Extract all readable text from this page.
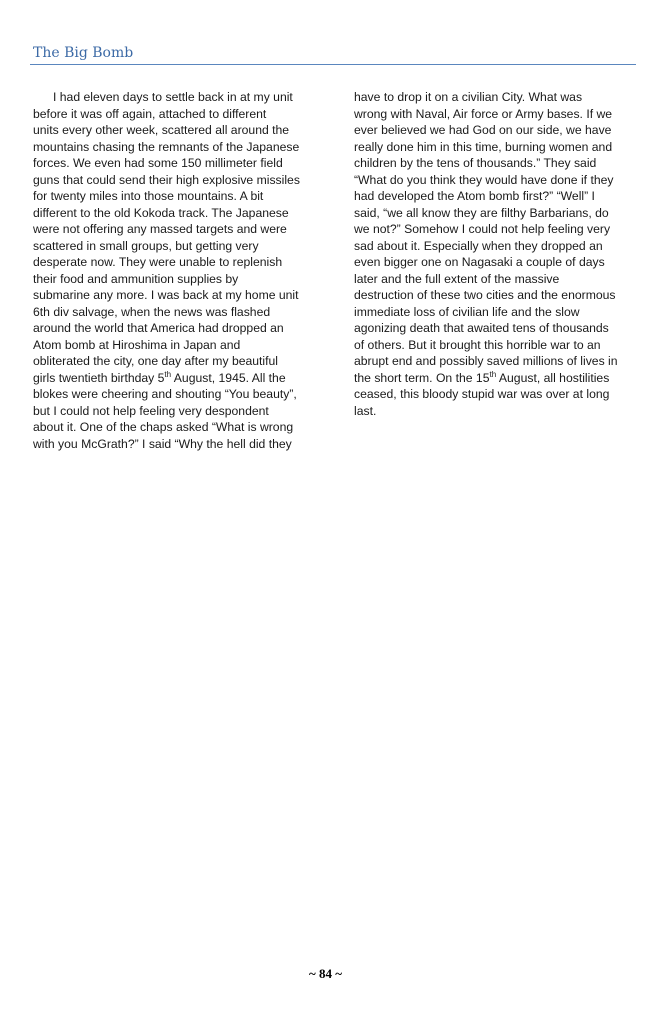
The Big Bomb
I had eleven days to settle back in at my unit
before it was off again, attached to different
units every other week, scattered all around the
mountains chasing the remnants of the Japanese
forces. We even had some 150 millimeter field
guns that could send their high explosive missiles
for twenty miles into those mountains. A bit
different to the old Kokoda track. The Japanese
were not offering any massed targets and were
scattered in small groups, but getting very
desperate now. They were unable to replenish
their food and ammunition supplies by
submarine any more. I was back at my home unit
6th div salvage, when the news was flashed
around the world that America had dropped an
Atom bomb at Hiroshima in Japan and
obliterated the city, one day after my beautiful
girls twentieth birthday 5th August, 1945. All the
blokes were cheering and shouting “You beauty”,
but I could not help feeling very despondent
about it. One of the chaps asked “What is wrong
with you McGrath?” I said “Why the hell did they
have to drop it on a civilian City. What was
wrong with Naval, Air force or Army bases. If we
ever believed we had God on our side, we have
really done him in this time, burning women and
children by the tens of thousands.” They said
“What do you think they would have done if they
had developed the Atom bomb first?” “Well” I
said, “we all know they are filthy Barbarians, do
we not?” Somehow I could not help feeling very
sad about it. Especially when they dropped an
even bigger one on Nagasaki a couple of days
later and the full extent of the massive
destruction of these two cities and the enormous
immediate loss of civilian life and the slow
agonizing death that awaited tens of thousands
of others. But it brought this horrible war to an
abrupt end and possibly saved millions of lives in
the short term. On the 15th August, all hostilities
ceased, this bloody stupid war was over at long
last.
~ 84 ~
